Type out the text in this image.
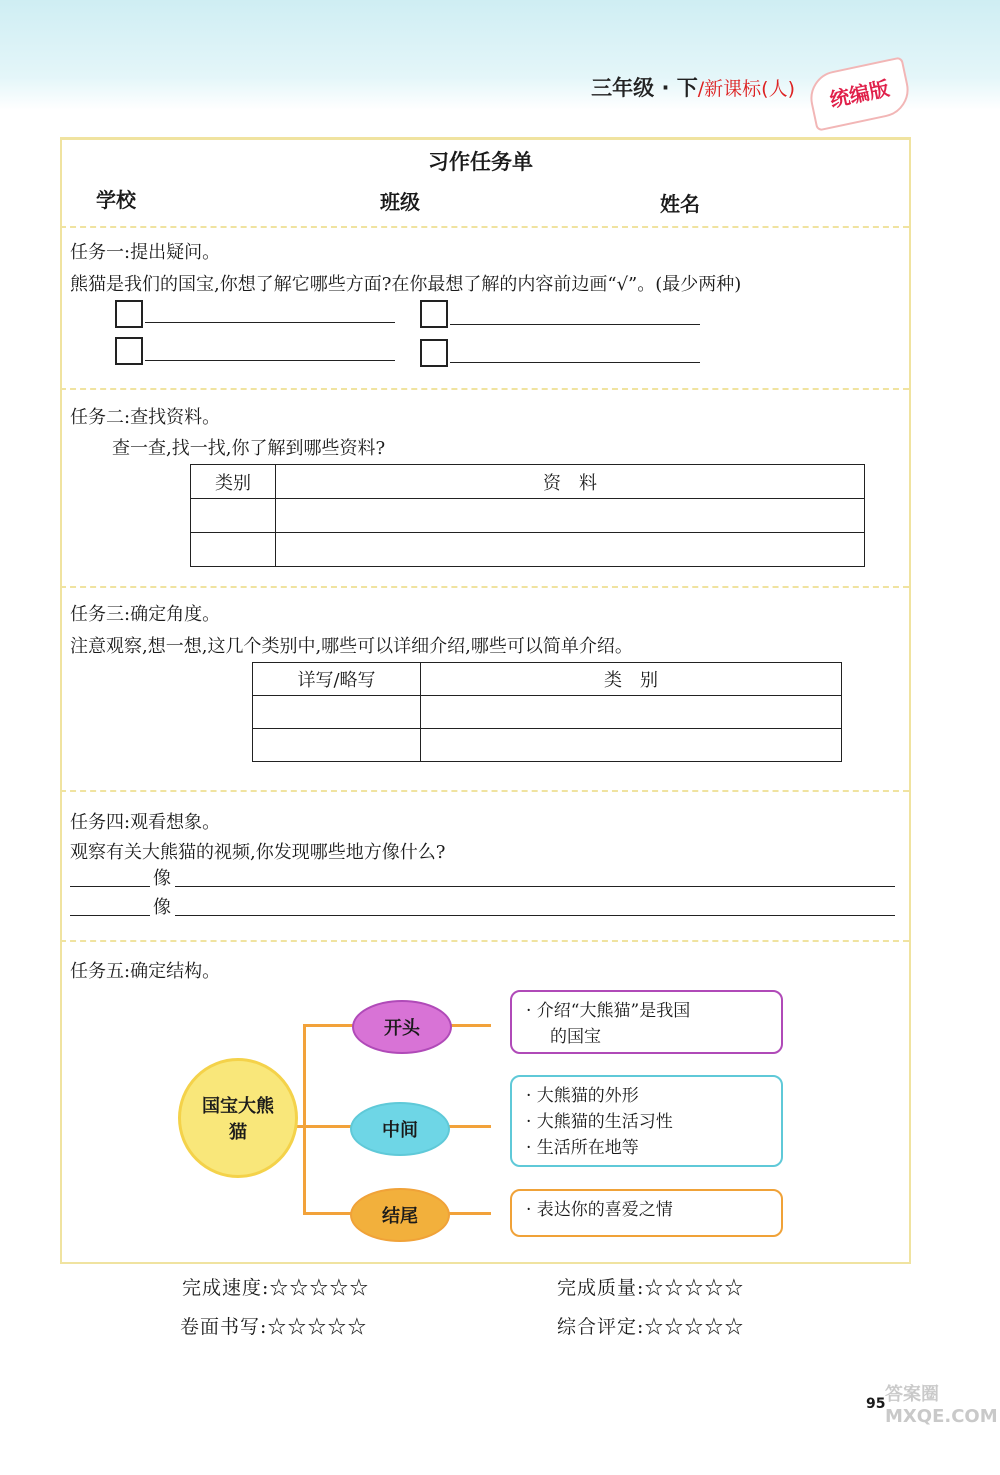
三年级 · 下/新课标(人)	统编版
习作任务单
学校	班级	姓名
任务一:提出疑问。
熊猫是我们的国宝,你想了解它哪些方面?在你最想了解的内容前边画“√”。(最少两种)
任务二:查找资料。
查一查,找一找,你了解到哪些资料?
类别	资　料

任务三:确定角度。
注意观察,想一想,这几个类别中,哪些可以详细介绍,哪些可以简单介绍。
详写/略写	类　别

任务四:观看想象。
观察有关大熊猫的视频,你发现哪些地方像什么?
像
像
任务五:确定结构。
国宝大熊猫
开头
中间
结尾
· 介绍“大熊猫”是我国
的国宝
· 大熊猫的外形
· 大熊猫的生活习性
· 生活所在地等
· 表达你的喜爱之情
完成速度:☆☆☆☆☆	完成质量:☆☆☆☆☆
卷面书写:☆☆☆☆☆	综合评定:☆☆☆☆☆
95 答案圈 MXQE.COM
